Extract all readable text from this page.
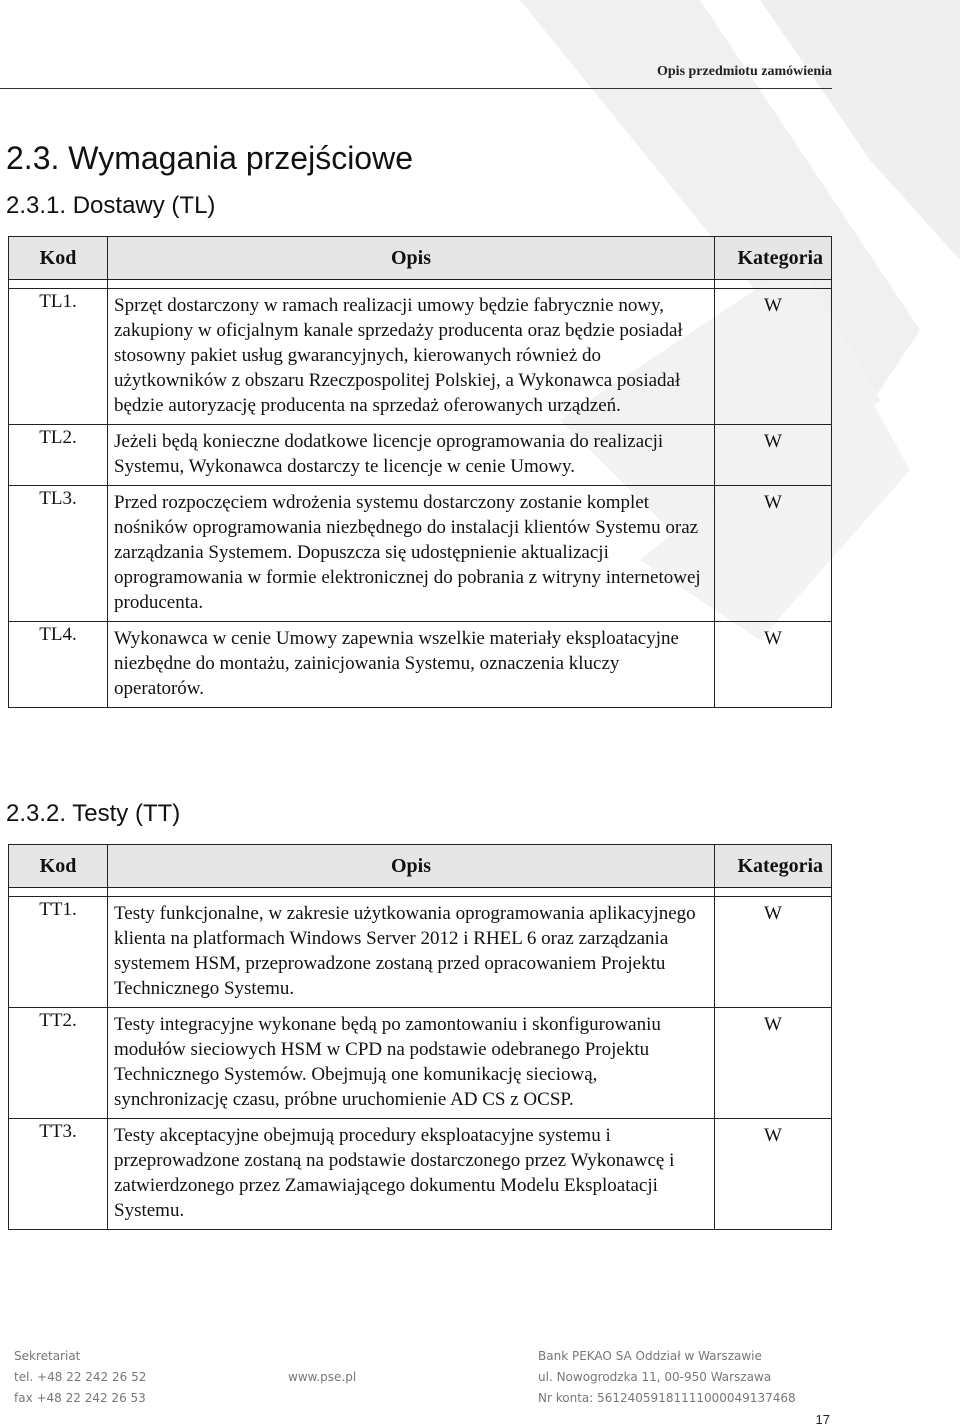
Opis przedmiotu zamówienia
2.3. Wymagania przejściowe
2.3.1. Dostawy (TL)
Kod	Opis	Kategoria

TL1.	Sprzęt dostarczony w ramach realizacji umowy będzie fabrycznie nowy, zakupiony w oficjalnym kanale sprzedaży producenta oraz będzie posiadał stosowny pakiet usług gwarancyjnych, kierowanych również do użytkowników z obszaru Rzeczpospolitej Polskiej, a Wykonawca posiadał będzie autoryzację producenta na sprzedaż oferowanych urządzeń.	W
TL2.	Jeżeli będą konieczne dodatkowe licencje oprogramowania do realizacji Systemu, Wykonawca dostarczy te licencje w cenie Umowy.	W
TL3.	Przed rozpoczęciem wdrożenia systemu dostarczony zostanie komplet nośników oprogramowania niezbędnego do instalacji klientów Systemu oraz zarządzania Systemem. Dopuszcza się udostępnienie aktualizacji oprogramowania w formie elektronicznej do pobrania z witryny internetowej producenta.	W
TL4.	Wykonawca w cenie Umowy zapewnia wszelkie materiały eksploatacyjne niezbędne do montażu, zainicjowania Systemu, oznaczenia kluczy operatorów.	W
2.3.2. Testy (TT)
Kod	Opis	Kategoria

TT1.	Testy funkcjonalne, w zakresie użytkowania oprogramowania aplikacyjnego klienta na platformach Windows Server 2012 i RHEL 6 oraz zarządzania systemem HSM, przeprowadzone zostaną przed opracowaniem Projektu Technicznego Systemu.	W
TT2.	Testy integracyjne wykonane będą po zamontowaniu i skonfigurowaniu modułów sieciowych HSM w CPD na podstawie odebranego Projektu Technicznego Systemów. Obejmują one komunikację sieciową, synchronizację czasu, próbne uruchomienie AD CS z OCSP.	W
TT3.	Testy akceptacyjne obejmują procedury eksploatacyjne systemu i przeprowadzone zostaną na podstawie dostarczonego przez Wykonawcę i zatwierdzonego przez Zamawiającego dokumentu Modelu Eksploatacji Systemu.	W
Sekretariat
tel. +48 22 242 26 52
fax +48 22 242 26 53
www.pse.pl
Bank PEKAO SA Oddział w Warszawie
ul. Nowogrodzka 11, 00-950 Warszawa
Nr konta: 56124059181111000049137468
17
